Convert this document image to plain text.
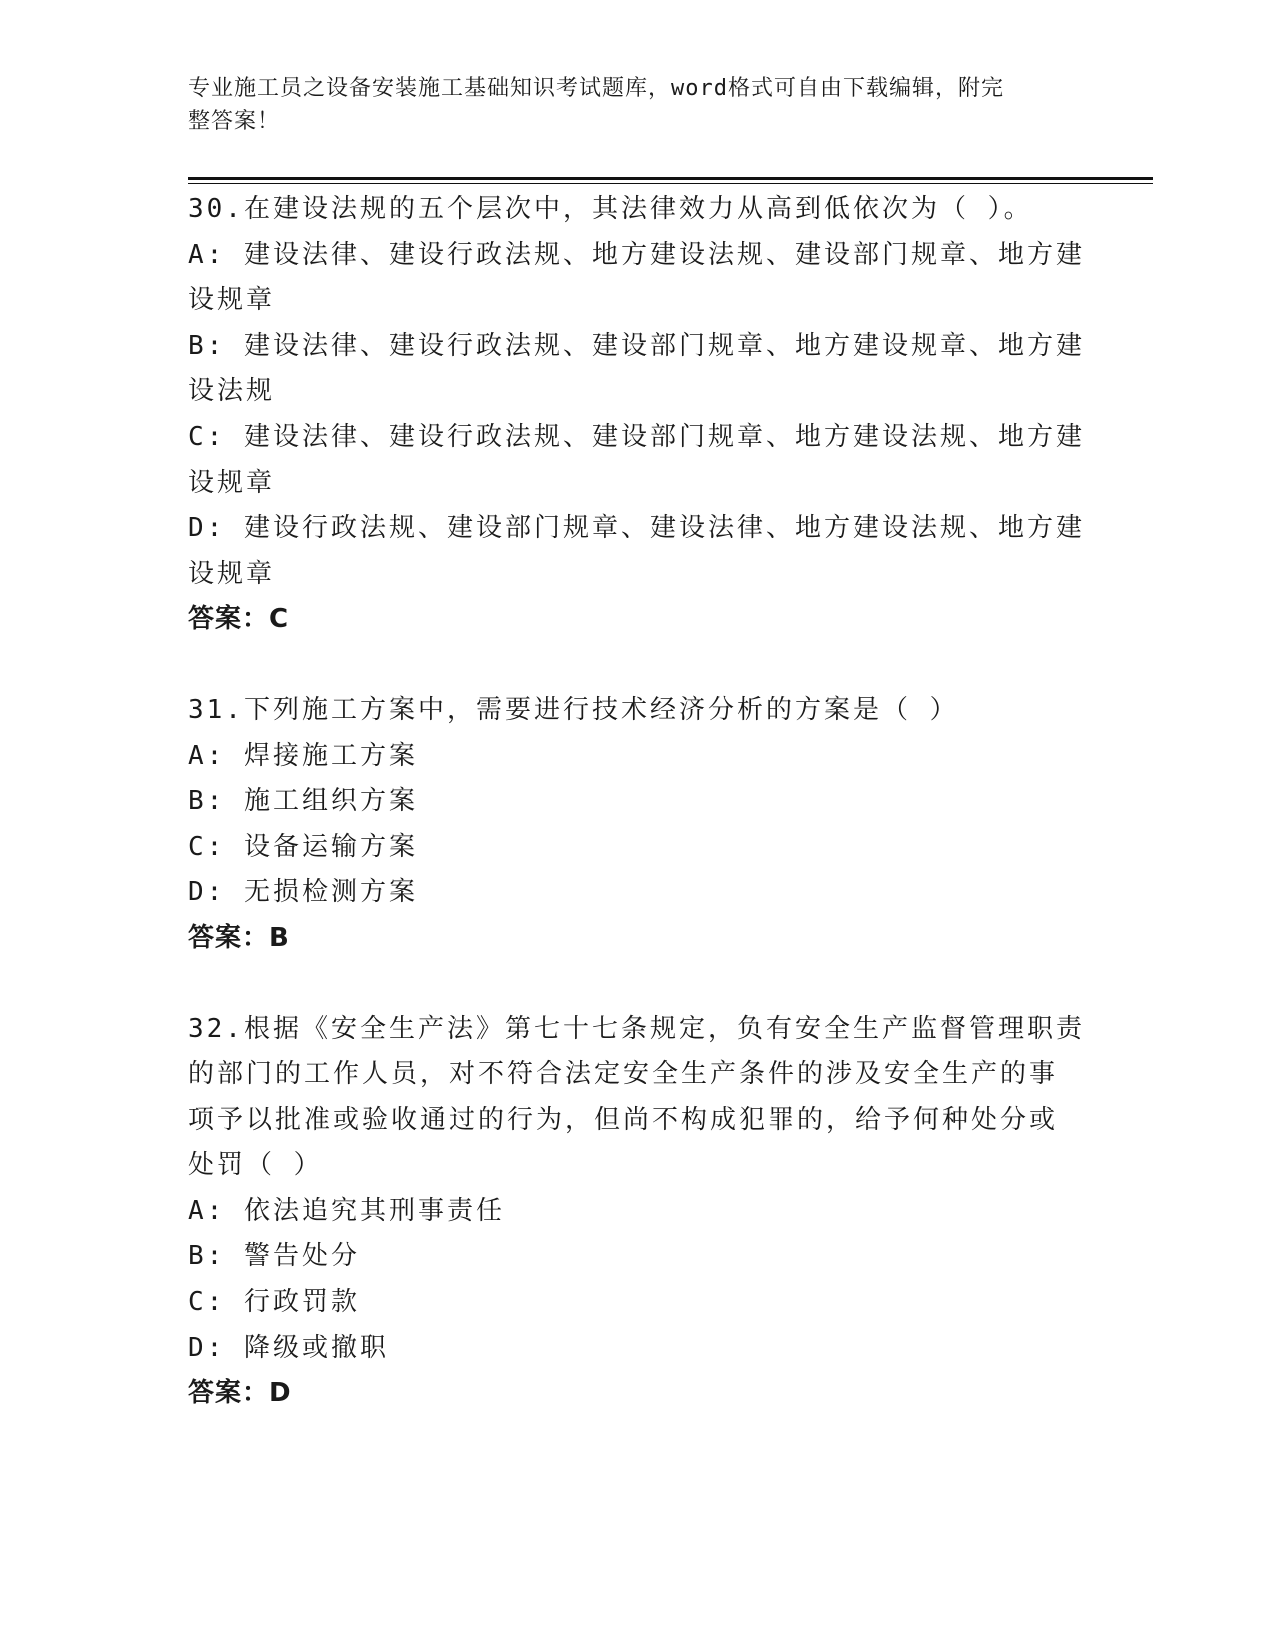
专业施工员之设备安装施工基础知识考试题库，word格式可自由下载编辑，附完
整答案！
30.在建设法规的五个层次中，其法律效力从高到低依次为（ ）。
A: 建设法律、建设行政法规、地方建设法规、建设部门规章、地方建
设规章
B: 建设法律、建设行政法规、建设部门规章、地方建设规章、地方建
设法规
C: 建设法律、建设行政法规、建设部门规章、地方建设法规、地方建
设规章
D: 建设行政法规、建设部门规章、建设法律、地方建设法规、地方建
设规章
答案：C
31.下列施工方案中，需要进行技术经济分析的方案是（ ）
A: 焊接施工方案
B: 施工组织方案
C: 设备运输方案
D: 无损检测方案
答案：B
32.根据《安全生产法》第七十七条规定，负有安全生产监督管理职责
的部门的工作人员，对不符合法定安全生产条件的涉及安全生产的事
项予以批准或验收通过的行为，但尚不构成犯罪的，给予何种处分或
处罚（ ）
A: 依法追究其刑事责任
B: 警告处分
C: 行政罚款
D: 降级或撤职
答案：D
